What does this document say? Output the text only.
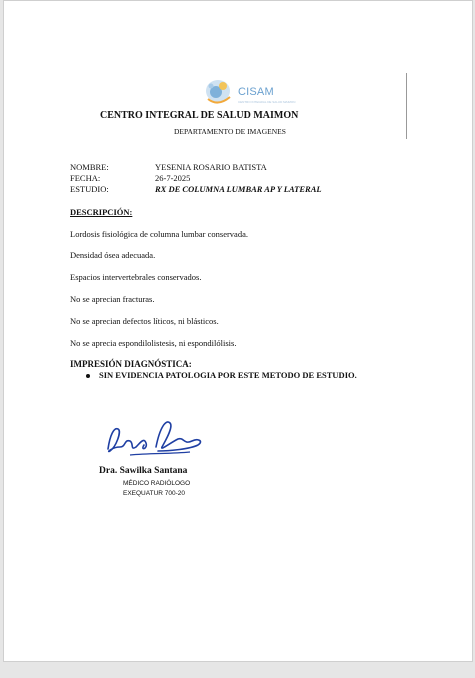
CISAM
CENTRO INTEGRAL DE SALUD MAIMON
CENTRO INTEGRAL DE SALUD MAIMON
DEPARTAMENTO DE IMAGENES
NOMBRE:	YESENIA ROSARIO BATISTA
FECHA:	26-7-2025
ESTUDIO:	RX DE COLUMNA LUMBAR AP Y LATERAL
DESCRIPCIÓN:
Lordosis fisiológica de columna lumbar conservada.
Densidad ósea adecuada.
Espacios intervertebrales conservados.
No se aprecian fracturas.
No se aprecian defectos líticos, ni blásticos.
No se aprecia espondilolistesis, ni espondilólisis.
IMPRESIÓN DIAGNÓSTICA:
SIN EVIDENCIA PATOLOGIA POR ESTE METODO DE ESTUDIO.
Dra. Sawilka Santana
MÉDICO RADIÓLOGO
EXEQUATUR 700-20
